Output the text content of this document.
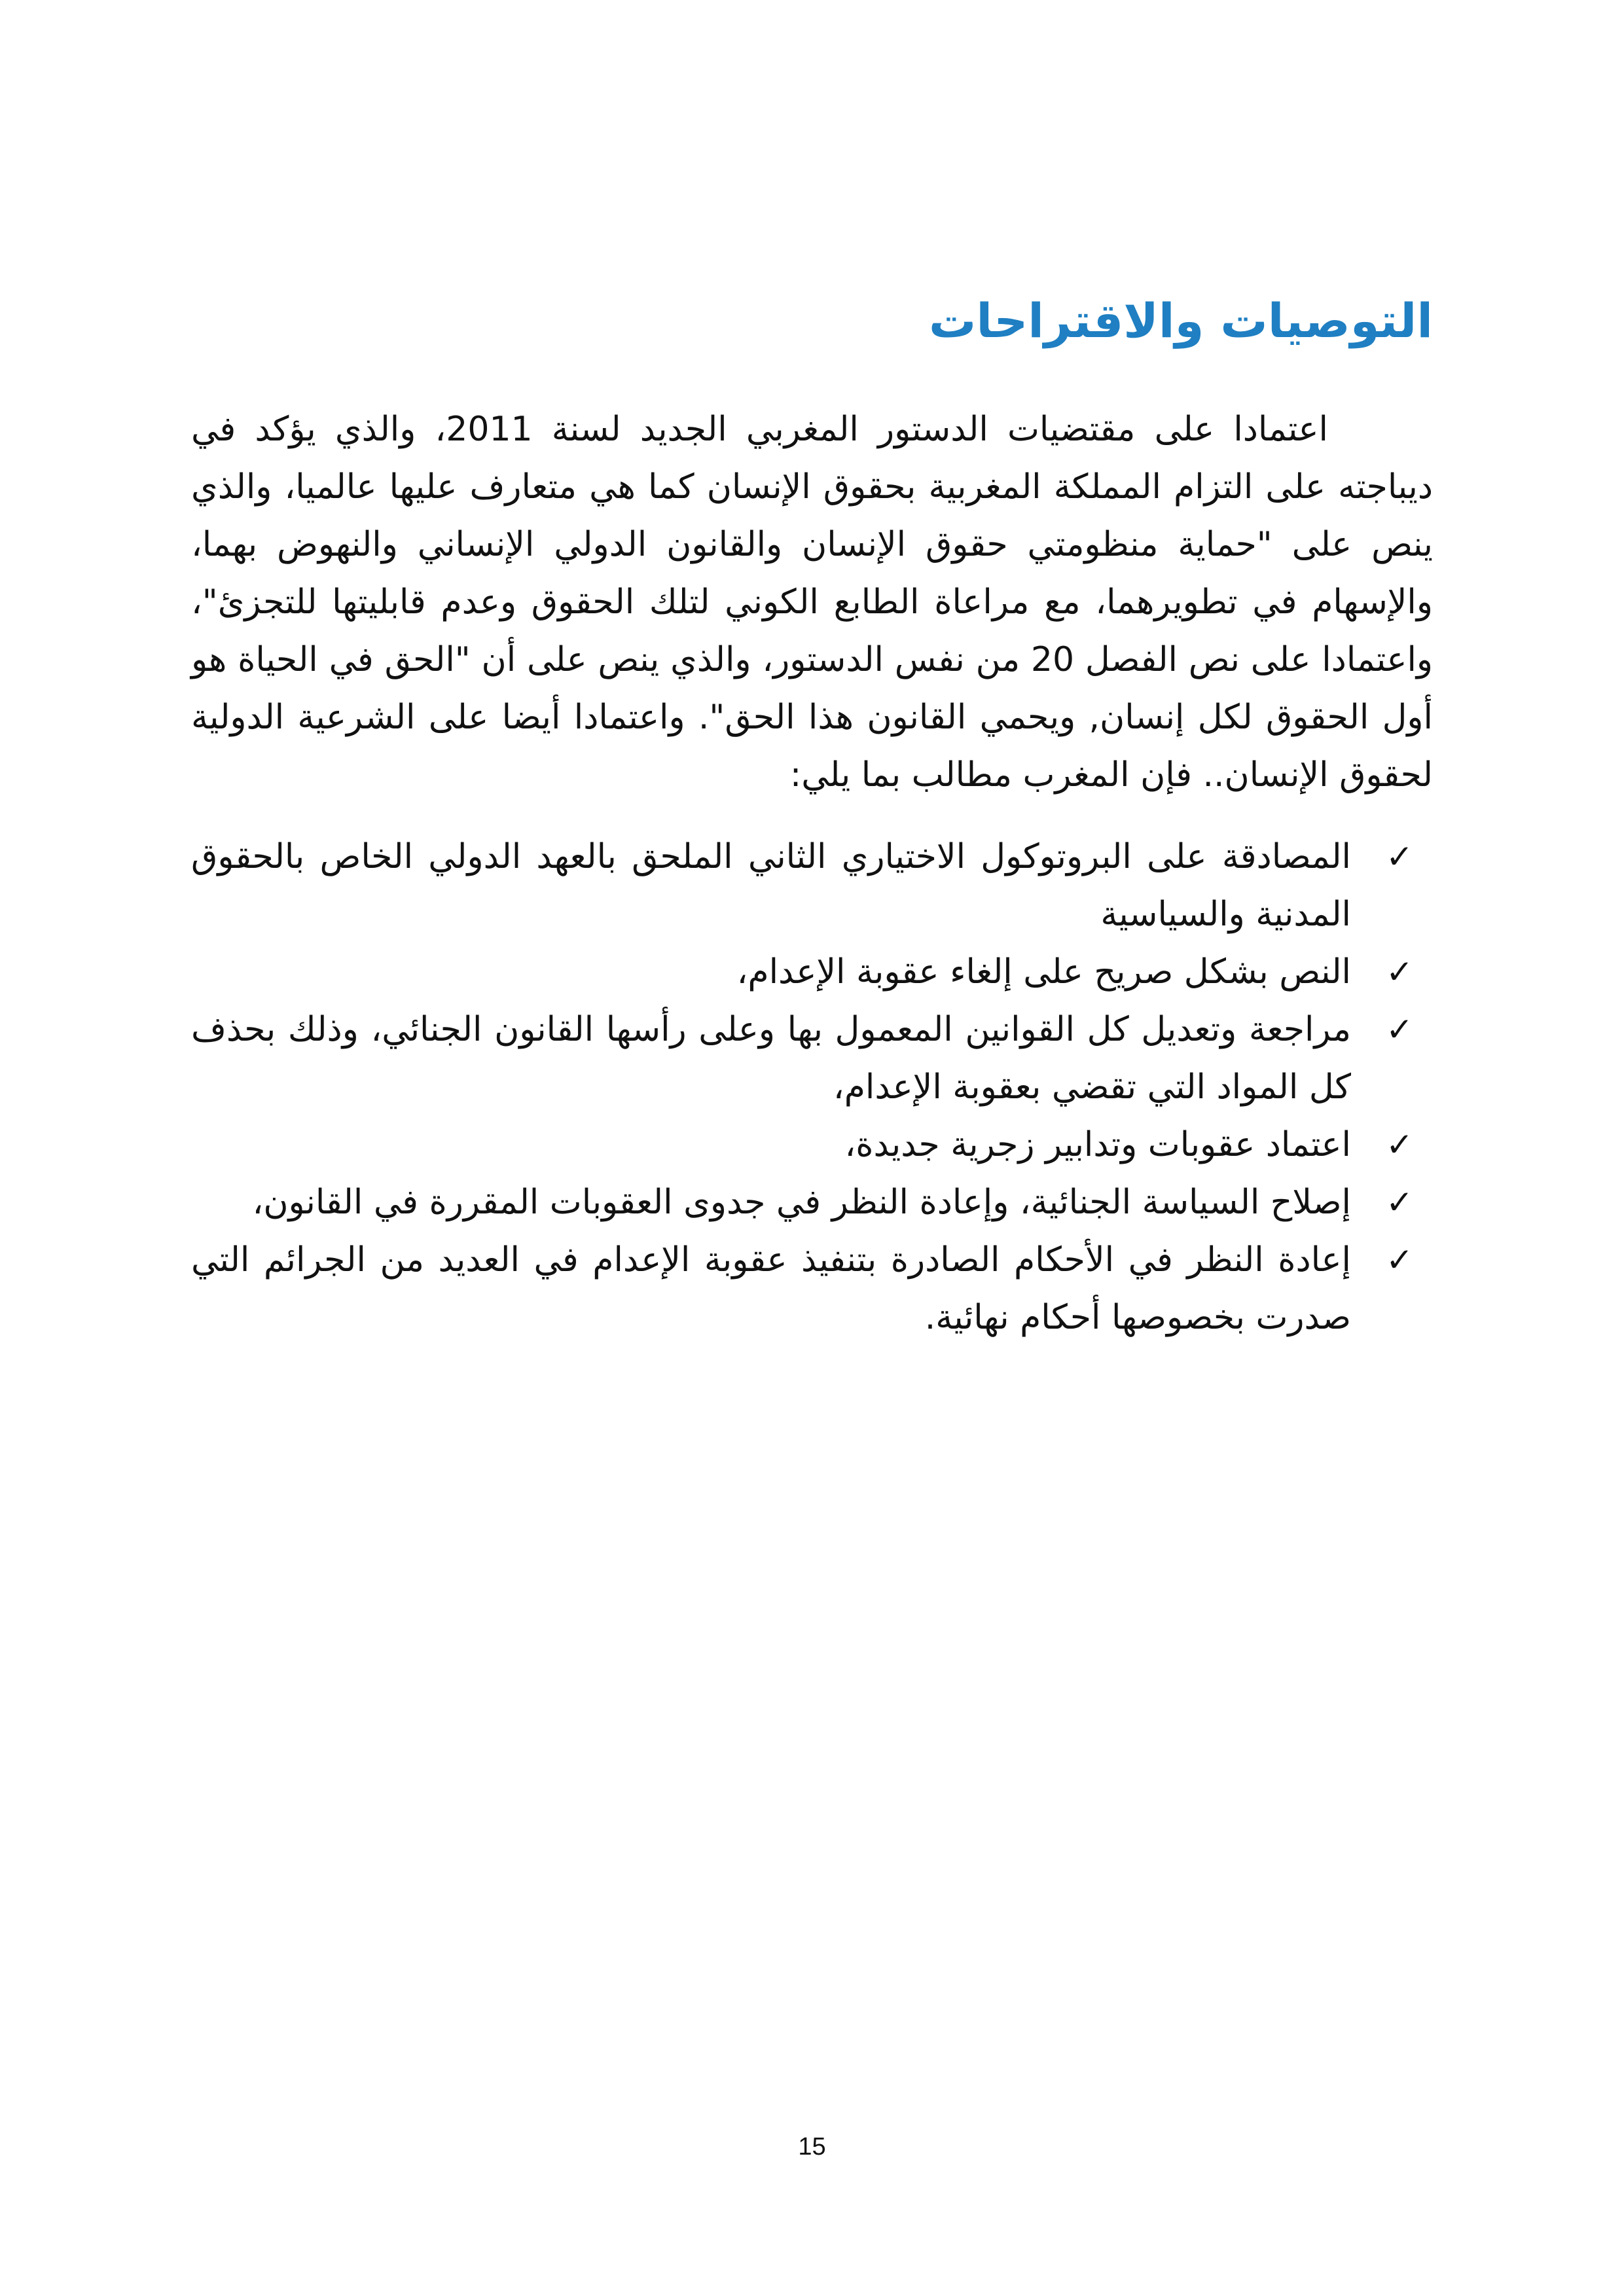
التوصيات والاقتراحات

اعتمادا على مقتضيات الدستور المغربي الجديد لسنة 2011، والذي يؤكد في ديباجته على التزام المملكة المغربية بحقوق الإنسان كما هي متعارف عليها عالميا، والذي ينص على "حماية منظومتي حقوق الإنسان والقانون الدولي الإنساني والنهوض بهما، والإسهام في تطويرهما، مع مراعاة الطابع الكوني لتلك الحقوق وعدم قابليتها للتجزئ"، واعتمادا على نص الفصل 20 من نفس الدستور، والذي ينص على أن "الحق في الحياة هو أول الحقوق لكل إنسان, ويحمي القانون هذا الحق". واعتمادا أيضا على الشرعية الدولية لحقوق الإنسان.. فإن المغرب مطالب بما يلي:

✓
المصادقة على البروتوكول الاختياري الثاني الملحق بالعهد الدولي الخاص بالحقوق المدنية والسياسية
✓
النص بشكل صريح على إلغاء عقوبة الإعدام،
✓
مراجعة وتعديل كل القوانين المعمول بها وعلى رأسها القانون الجنائي، وذلك بحذف كل المواد التي تقضي بعقوبة الإعدام،
✓
اعتماد عقوبات وتدابير زجرية جديدة،
✓
إصلاح السياسة الجنائية، وإعادة النظر في جدوى العقوبات المقررة في القانون،
✓
إعادة النظر في الأحكام الصادرة بتنفيذ عقوبة الإعدام في العديد من الجرائم التي صدرت بخصوصها أحكام نهائية.

15
